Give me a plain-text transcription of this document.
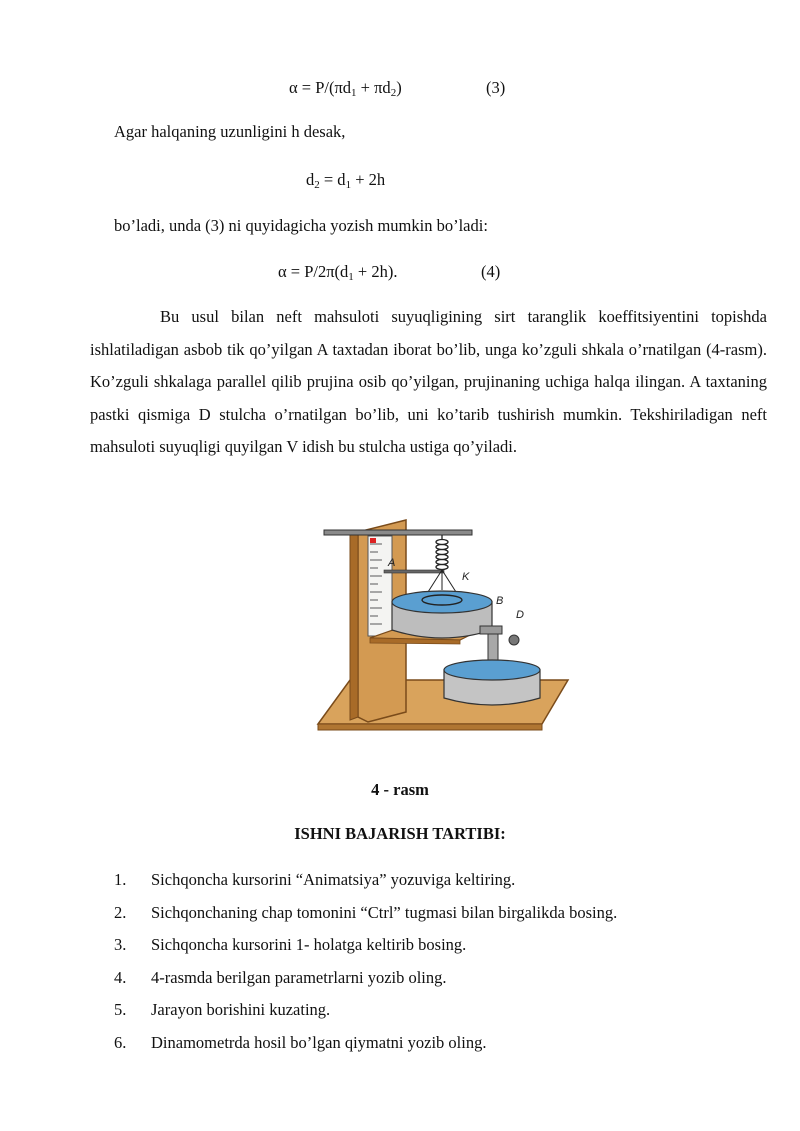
$\alpha = P/(\pi d_1 + \pi d_2)$	(3)
Agar halqaning uzunligini h desak,
$d_2 = d_1 + 2h$
bo’ladi, unda (3) ni quyidagicha yozish mumkin bo’ladi:
$\alpha = P/2\pi(d_1 + 2h)$.	(4)
Bu usul bilan neft mahsuloti suyuqligining sirt taranglik koeffitsiyentini topishda ishlatiladigan asbob tik qo’yilgan A taxtadan iborat bo’lib, unga ko’zguli shkala o’rnatilgan (4-rasm). Ko’zguli shkalaga parallel qilib prujina osib qo’yilgan, prujinaning uchiga halqa ilingan. A taxtaning pastki qismiga D stulcha o’rnatilgan bo’lib, uni ko’tarib tushirish mumkin. Tekshiriladigan neft mahsuloti suyuqligi quyilgan V idish bu stulcha ustiga qo’yiladi.
A
K
B
D
4 - rasm
ISHNI BAJARISH TARTIBI:
1. Sichqoncha kursorini “Animatsiya” yozuviga keltiring.
2. Sichqonchaning chap tomonini “Ctrl” tugmasi bilan birgalikda bosing.
3. Sichqoncha kursorini 1- holatga keltirib bosing.
4. 4-rasmda berilgan parametrlarni yozib oling.
5. Jarayon borishini kuzating.
6. Dinamometrda hosil bo’lgan qiymatni yozib oling.
